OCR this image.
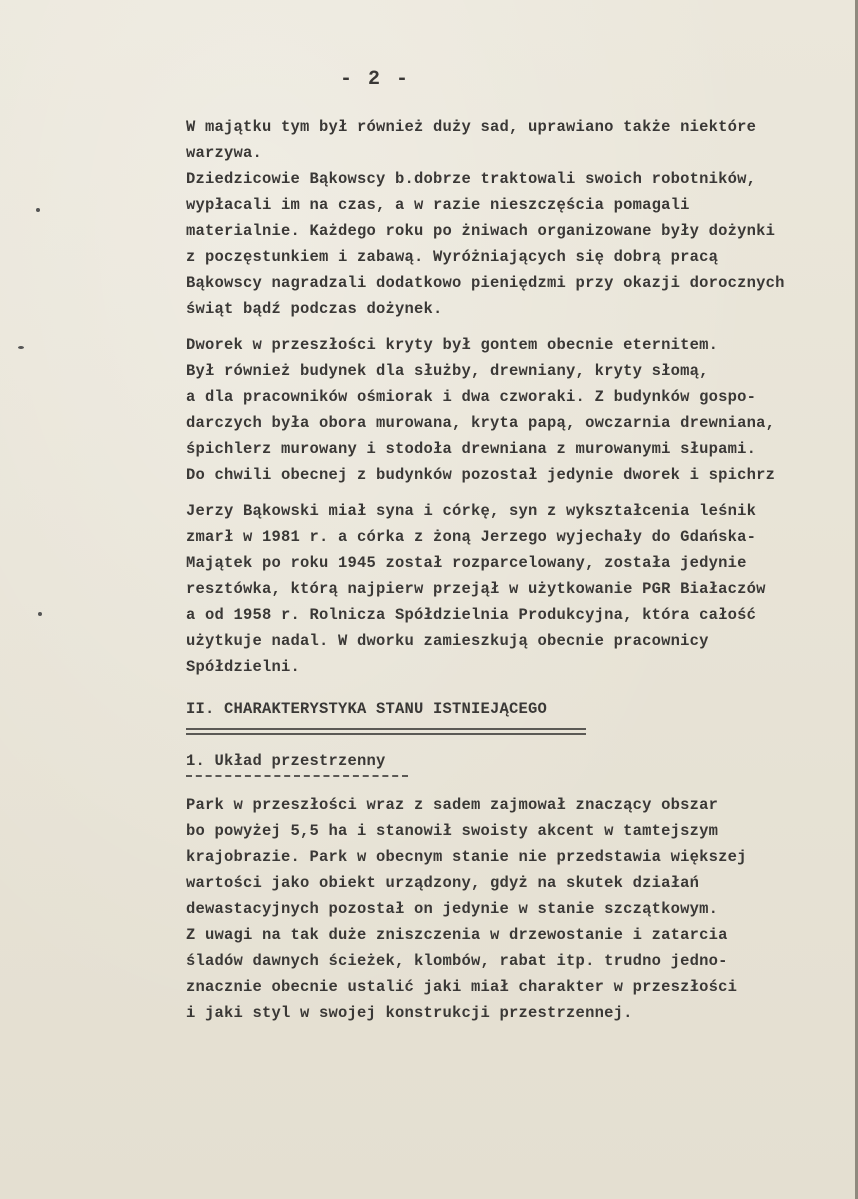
- 2 -
W majątku tym był również duży sad, uprawiano także niektóre
warzywa.
Dziedzicowie Bąkowscy b.dobrze traktowali swoich robotników,
wypłacali im na czas, a w razie nieszczęścia pomagali
materialnie. Każdego roku po żniwach organizowane były dożynki
z poczęstunkiem i zabawą. Wyróżniających się dobrą pracą
Bąkowscy nagradzali dodatkowo pieniędzmi przy okazji dorocznych
świąt bądź podczas dożynek.
Dworek w przeszłości kryty był gontem obecnie eternitem.
Był również budynek dla służby, drewniany, kryty słomą,
a dla pracowników ośmiorak i dwa czworaki. Z budynków gospo-
darczych była obora murowana, kryta papą, owczarnia drewniana,
śpichlerz murowany i stodoła drewniana z murowanymi słupami.
Do chwili obecnej z budynków pozostał jedynie dworek i spichrz
Jerzy Bąkowski miał syna i córkę, syn z wykształcenia leśnik
zmarł w 1981 r. a córka z żoną Jerzego wyjechały do Gdańska-
Majątek po roku 1945 został rozparcelowany, została jedynie
resztówka, którą najpierw przejął w użytkowanie PGR Białaczów
a od 1958 r. Rolnicza Spółdzielnia Produkcyjna, która całość
użytkuje nadal. W dworku zamieszkują obecnie pracownicy
Spółdzielni.
II. CHARAKTERYSTYKA STANU ISTNIEJĄCEGO
1. Układ przestrzenny
Park w przeszłości wraz z sadem zajmował znaczący obszar
bo powyżej 5,5 ha i stanowił swoisty akcent w tamtejszym
krajobrazie. Park w obecnym stanie nie przedstawia większej
wartości jako obiekt urządzony, gdyż na skutek działań
dewastacyjnych pozostał on jedynie w stanie szczątkowym.
Z uwagi na tak duże zniszczenia w drzewostanie i zatarcia
śladów dawnych ścieżek, klombów, rabat itp. trudno jedno-
znacznie obecnie ustalić jaki miał charakter w przeszłości
i jaki styl w swojej konstrukcji przestrzennej.
